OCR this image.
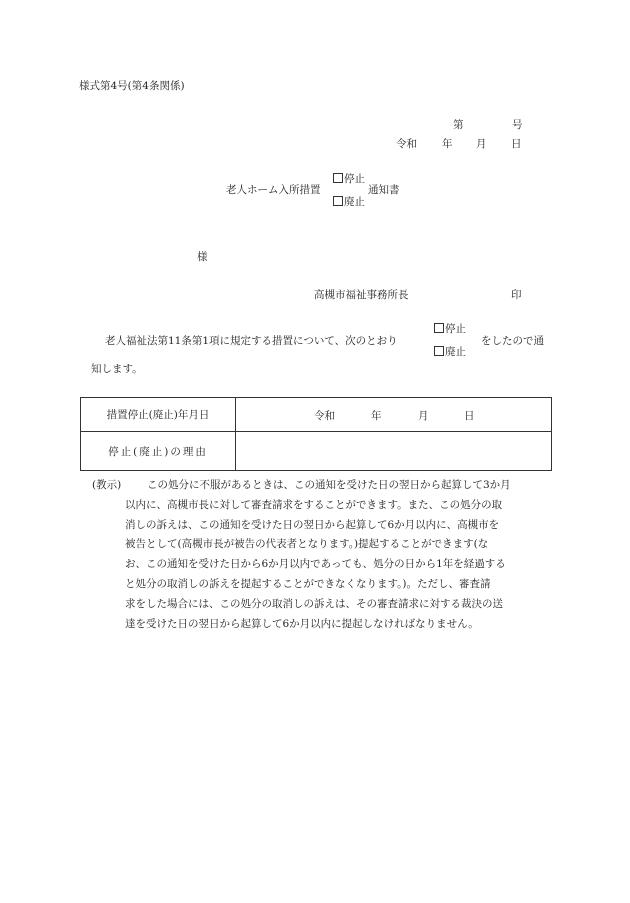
様式第4号(第4条関係)
第	号
令和 年 月 日
老人ホーム入所措置
停止
廃止
通知書
様
高槻市福祉事務所長	印
老人福祉法第11条第1項に規定する措置について、次のとおり
停止
廃止
をしたので通
知します。
措置停止(廃止)年月日	令和 年 月 日

停止(廃止)の理由	
(教示) この処分に不服があるときは、この通知を受けた日の翌日から起算して3か月
以内に、高槻市長に対して審査請求をすることができます。また、この処分の取
消しの訴えは、この通知を受けた日の翌日から起算して6か月以内に、高槻市を
被告として(高槻市長が被告の代表者となります。)提起することができます(な
お、この通知を受けた日から6か月以内であっても、処分の日から1年を経過する
と処分の取消しの訴えを提起することができなくなります。)。ただし、審査請
求をした場合には、この処分の取消しの訴えは、その審査請求に対する裁決の送
達を受けた日の翌日から起算して6か月以内に提起しなければなりません。
